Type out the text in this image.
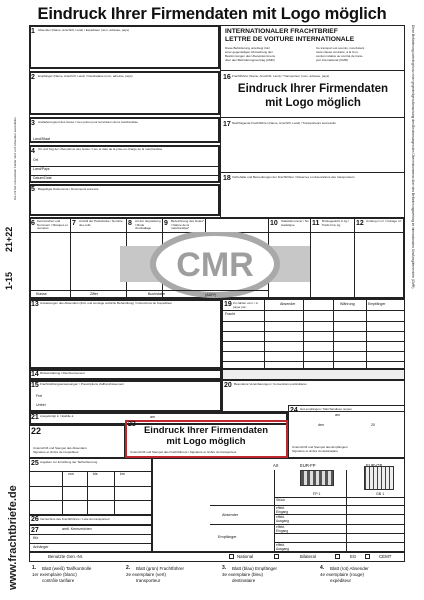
Eindruck Ihrer Firmendaten mit Logo möglich
1-15
21+22
www.frachtbriefe.de
Die mit fett umrandeten Felder sind vom Absender auszufüllen	Diese Beförderung unterliegt trotz einer gegenteiligen Abmachung den Bestimmungen des Übereinkommens über den Beförderungsvertrag im internationalen Straßengüterverkehr (CMR).
1 Absender (Name, Anschrift, Land) / Expéditeur (nom, adresse, pays)
2 Empfänger (Name, Anschrift, Land) / Destinataire (nom, adresse, pays)
3 Auslieferungsort des Gutes / Lieu prévu pour la livraison de la marchandise
Land/Staat
4 Ort und Tag der Übernahme des Gutes / Lieu et date de la prise en charge de la marchandise
Ort
Land/Pays
Datum/Date
5 Beigefügte Dokumente / Documents annexés
INTERNATIONALER FRACHTBRIEF
LETTRE DE VOITURE INTERNATIONALE
Diese Beförderung unterliegt trotz
einer gegenteiligen Abmachung den
Bestimmungen des Übereinkommens
über den Beförderungsvertrag (CMR)
Ce transport est soumis, nonobstant
toute clause contraire, à la Con-
vention relative au contrat de trans-
port international (CMR)
16 Frachtführer (Name, Anschrift, Land) / Transporteur (nom, adresse, pays)
Eindruck Ihrer Firmendaten
mit Logo möglich
17 Nachfolgende Frachtführer (Name, Anschrift, Land) / Transporteurs successifs
18 Vorbehalte und Bemerkungen der Frachtführer / Réserves et observations des transporteurs
6 Kennzeichen und Nummern / Marques et numéros
7 Anzahl der Packstücke / Nombre des colis	8 Art der Verpackung / Mode d'emballage
9 Bezeichnung des Gutes* / Nature de la marchandise*
10 Statistiknummer / No statistique	11 Bruttogewicht in kg / Poids brut, kg	12 Umfang in m³ / Cubage m³
CMR
Klasse	Ziffer	Buchstabe	(ADR*)
13 Anweisungen des Absenders (Zoll- und sonstige amtliche Behandlung) / Instructions de l'expéditeur	19 Zu zahlen vom: / A payer par:
Absender	Währung	Empfänger
Fracht
14 Rückerstattung / Remboursement
15 Frachtzahlungsanweisungen / Prescriptions d'affranchissement
Frei
Unfrei
20 Besondere Vereinbarungen / Conventions particulières
21 Ausgefertigt in / Etablie à	am
22
Unterschrift und Stempel des Absenders
Signature et timbre de l'expéditeur
23
Eindruck Ihrer Firmendaten
mit Logo möglich
Unterschrift und Stempel des Frachtführers / Signature et timbre du transporteur
24 Gut empfangen / Marchandises reçues
am
den	20
Unterschrift und Stempel des Empfängers
Signature et timbre du destinataire
25 Angaben zur Ermittlung der Tarifentfernung
von	bis	km
26 Verzeichnis des Frachtführers / Liste du transporteur
27	amtl. Kennzeichen
Kfz
Anhänger
Art	EUR-FP
FP 1	GB 1
Stück
Absender
Empfänger
effekt.
Eingang
effekt.
Ausgang
effekt.
Eingang
effekt.
Ausgang
Benutzte Gen.-Nr.	National	Bilateral	EG	CEMT
1. Blatt (weiß) Tarifkontrolle
1er exemplaire (blanc)
contrôle tarifaire
2. Blatt (grün) Frachtführer
2e exemplaire (vert)
transporteur
3. Blatt (blau) Empfänger
3e exemplaire (bleu)
destinataire
4. Blatt (rot) Absender
4e exemplaire (rouge)
expéditeur
